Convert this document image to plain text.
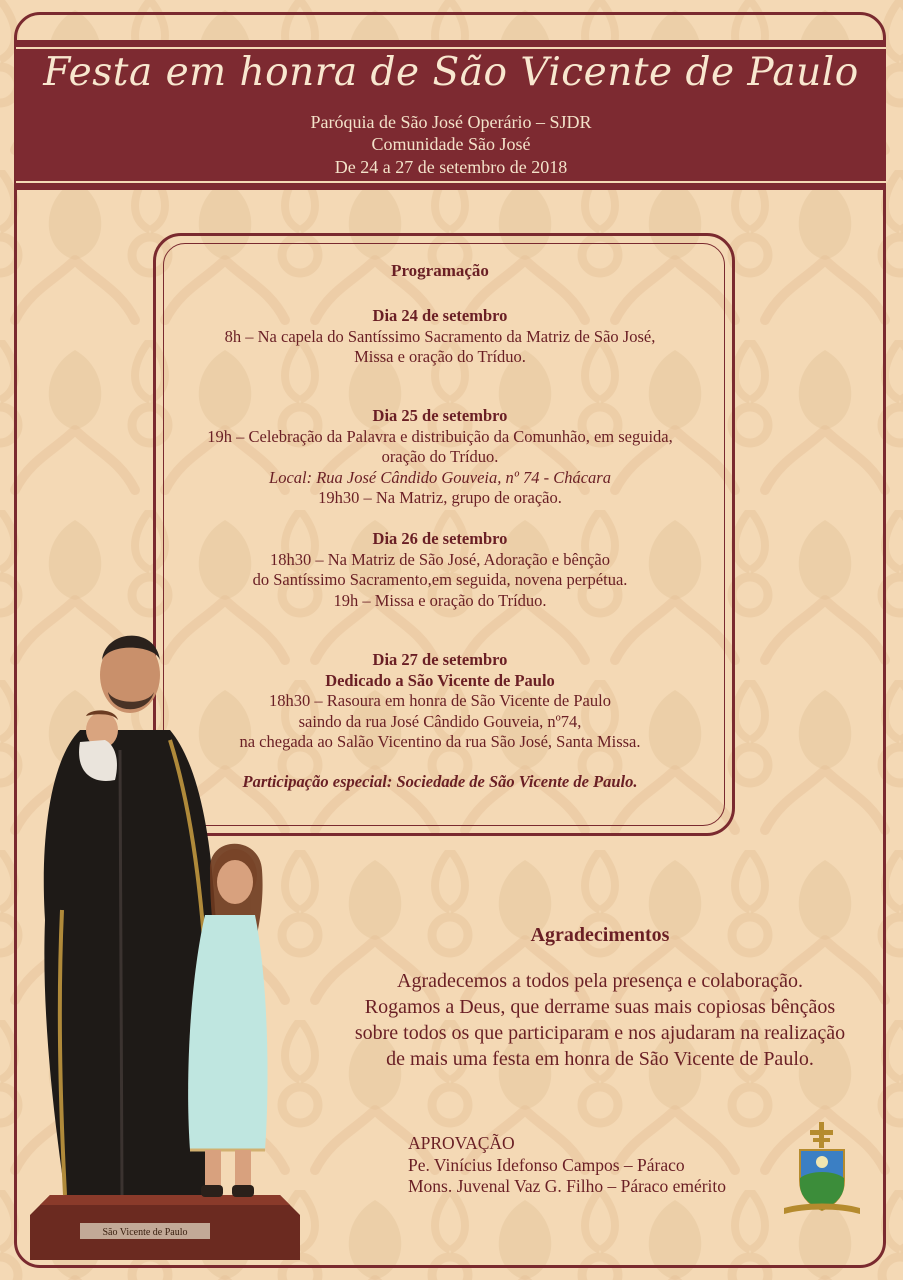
Festa em honra de São Vicente de Paulo
Paróquia de São José Operário – SJDR
Comunidade São José
De 24 a 27 de setembro de 2018
Programação
Dia 24 de setembro
8h – Na capela do Santíssimo Sacramento da Matriz de São José,
Missa e oração do Tríduo.
Dia 25 de setembro
19h – Celebração da Palavra e distribuição da Comunhão, em seguida,
oração do Tríduo.
Local: Rua José Cândido Gouveia, nº 74 - Chácara
19h30 – Na Matriz, grupo de oração.
Dia 26 de setembro
18h30 – Na Matriz de São José, Adoração e bênção
do Santíssimo Sacramento,em seguida, novena perpétua.
19h – Missa e oração do Tríduo.
Dia 27 de setembro
Dedicado a São Vicente de Paulo
18h30 – Rasoura em honra de São Vicente de Paulo
saindo da rua José Cândido Gouveia, nº74,
na chegada ao Salão Vicentino da rua São José, Santa Missa.
Participação especial: Sociedade de São Vicente de Paulo.
Agradecimentos
Agradecemos a todos pela presença e colaboração.
Rogamos a Deus, que derrame suas mais copiosas bênçãos
sobre todos os que participaram e nos ajudaram na realização
de mais uma festa em honra de São Vicente de Paulo.
APROVAÇÃO
Pe. Vinícius Idefonso Campos – Páraco
Mons. Juvenal Vaz G. Filho – Páraco emérito
São Vicente de Paulo
